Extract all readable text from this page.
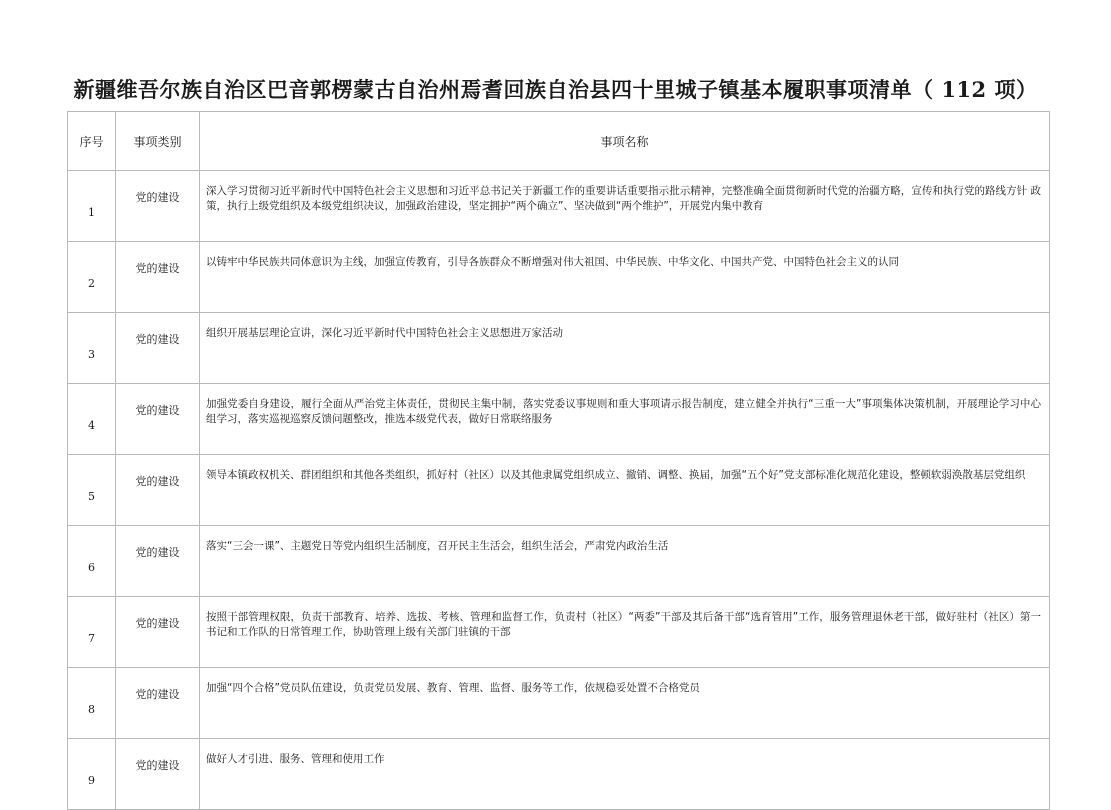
新疆维吾尔族自治区巴音郭楞蒙古自治州焉耆回族自治县四十里城子镇基本履职事项清单（ 112 项）
序号	事项类别	事项名称
1	党的建设	深入学习贯彻习近平新时代中国特色社会主义思想和习近平总书记关于新疆工作的重要讲话重要指示批示精神，完整准确全面贯彻新时代党的治疆方略，宣传和执行党的路线方针 政策，执行上级党组织及本级党组织决议，加强政治建设，坚定拥护“两个确立”、坚决做到“两个维护”，开展党内集中教育
2	党的建设	以铸牢中华民族共同体意识为主线，加强宣传教育，引导各族群众不断增强对伟大祖国、中华民族、中华文化、中国共产党、中国特色社会主义的认同
3	党的建设	组织开展基层理论宣讲，深化习近平新时代中国特色社会主义思想进万家活动
4	党的建设	加强党委自身建设，履行全面从严治党主体责任，贯彻民主集中制，落实党委议事规则和重大事项请示报告制度，建立健全并执行“三重一大”事项集体决策机制，开展理论学习中心 组学习，落实巡视巡察反馈问题整改，推选本级党代表，做好日常联络服务
5	党的建设	领导本镇政权机关、群团组织和其他各类组织，抓好村（社区）以及其他隶属党组织成立、撤销、调整、换届，加强“五个好”党支部标准化规范化建设，整顿软弱涣散基层党组织
6	党的建设	落实“三会一课”、主题党日等党内组织生活制度，召开民主生活会，组织生活会，严肃党内政治生活
7	党的建设	按照干部管理权限，负责干部教育、培养、选拔、考核、管理和监督工作，负责村（社区）“两委”干部及其后备干部“选育管用”工作，服务管理退休老干部，做好驻村（社区）第一 书记和工作队的日常管理工作，协助管理上级有关部门驻镇的干部
8	党的建设	加强“四个合格”党员队伍建设，负责党员发展、教育、管理、监督、服务等工作，依规稳妥处置不合格党员
9	党的建设	做好人才引进、服务、管理和使用工作
